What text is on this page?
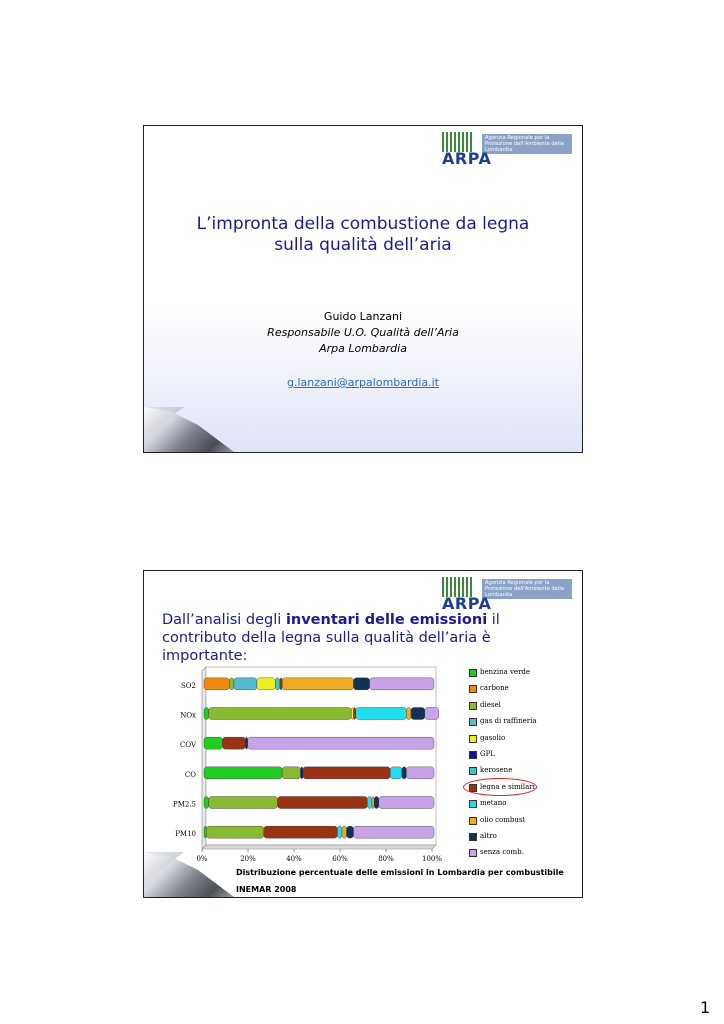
Agenzia Regionale per la Protezione dell'Ambiente della Lombardia
ARPA
L’impronta della combustione da legna
sulla qualità dell’aria
Guido Lanzani
Responsabile U.O. Qualità dell’Aria
Arpa Lombardia
g.lanzani@arpalombardia.it
Agenzia Regionale per la Protezione dell'Ambiente della Lombardia
ARPA
Dall’analisi degli inventari delle emissioni il contributo della legna sulla qualità dell’aria è importante:
0%	20%	40%	60%	80%	100%
SO2
NOx
COV
CO
PM2.5
PM10
benzina verde
carbone
diesel
gas di raffineria
gasolio
GPL
kerosene
legna e similari
metano
olio combust
altro
senza comb.
Distribuzione percentuale delle emissioni in Lombardia per combustibile
INEMAR 2008
1
